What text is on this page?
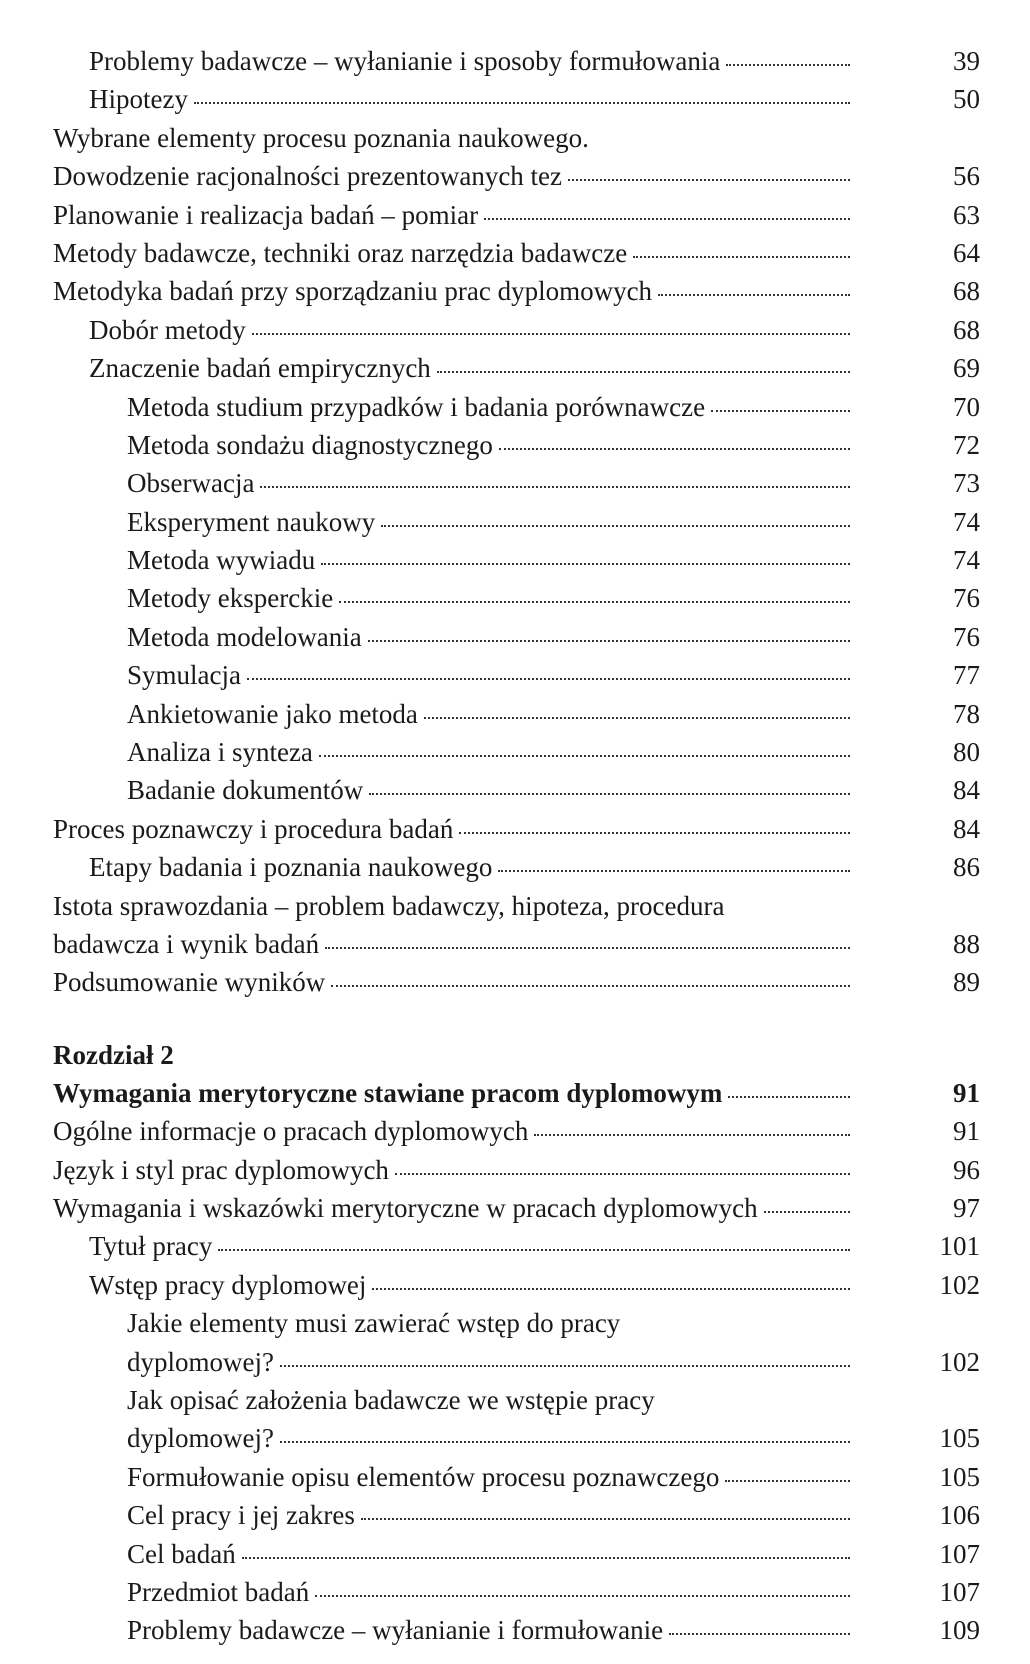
Problemy badawcze – wyłanianie i sposoby formułowania	39
Hipotezy	50
Wybrane elementy procesu poznania naukowego.
Dowodzenie racjonalności prezentowanych tez	56
Planowanie i realizacja badań – pomiar	63
Metody badawcze, techniki oraz narzędzia badawcze	64
Metodyka badań przy sporządzaniu prac dyplomowych	68
Dobór metody	68
Znaczenie badań empirycznych	69
Metoda studium przypadków i badania porównawcze	70
Metoda sondażu diagnostycznego	72
Obserwacja	73
Eksperyment naukowy	74
Metoda wywiadu	74
Metody eksperckie	76
Metoda modelowania	76
Symulacja	77
Ankietowanie jako metoda	78
Analiza i synteza	80
Badanie dokumentów	84
Proces poznawczy i procedura badań	84
Etapy badania i poznania naukowego	86
Istota sprawozdania – problem badawczy, hipoteza, procedura
badawcza i wynik badań	88
Podsumowanie wyników	89
Rozdział 2
Wymagania merytoryczne stawiane pracom dyplomowym	91
Ogólne informacje o pracach dyplomowych	91
Język i styl prac dyplomowych	96
Wymagania i wskazówki merytoryczne w pracach dyplomowych	97
Tytuł pracy	101
Wstęp pracy dyplomowej	102
Jakie elementy musi zawierać wstęp do pracy
dyplomowej?	102
Jak opisać założenia badawcze we wstępie pracy
dyplomowej?	105
Formułowanie opisu elementów procesu poznawczego	105
Cel pracy i jej zakres	106
Cel badań	107
Przedmiot badań	107
Problemy badawcze – wyłanianie i formułowanie	109
